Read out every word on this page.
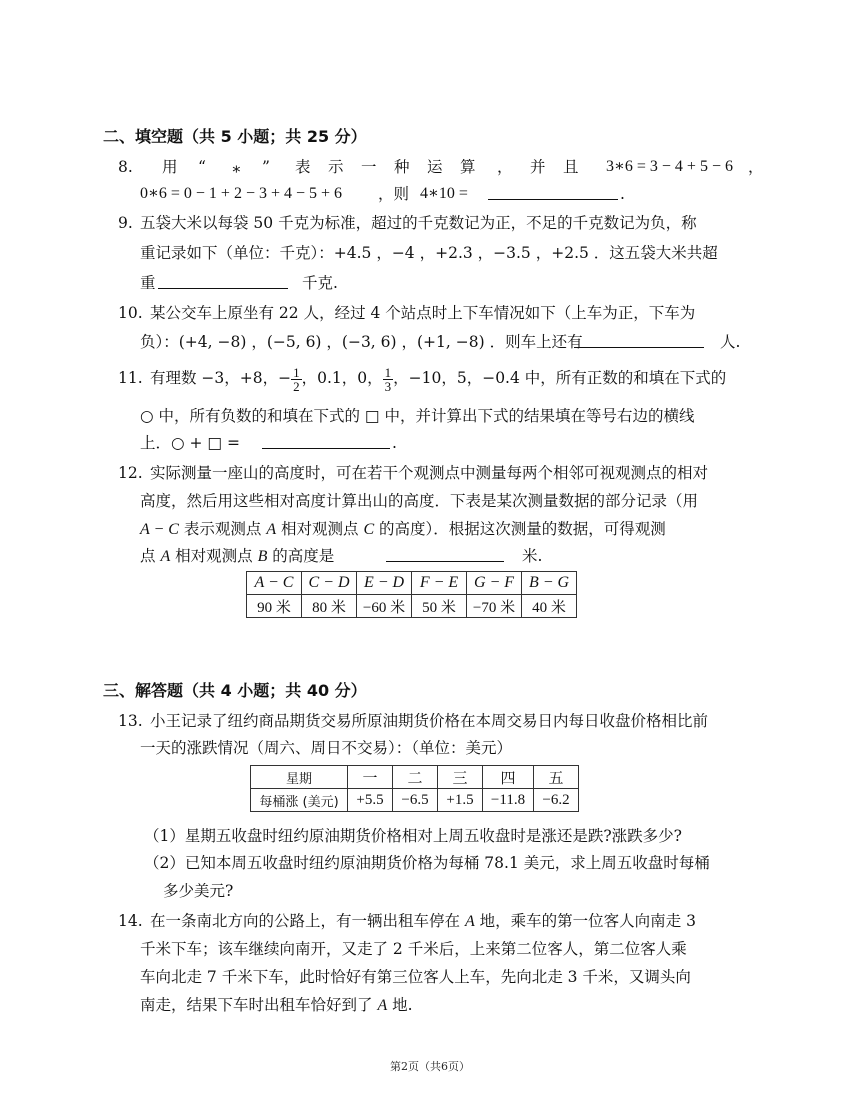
二、填空题（共 5 小题；共 25 分）
8. 用 “ ∗ ” 表 示 一 种 运 算 ， 并 且 3∗6 = 3 − 4 + 5 − 6 ，
0∗6 = 0 − 1 + 2 − 3 + 4 − 5 + 6 ，则 4∗10 =	.
9. 五袋大米以每袋 50 千克为标准，超过的千克数记为正，不足的千克数记为负，称
重记录如下（单位：千克）：+4.5 ，−4 ，+2.3 ，−3.5 ，+2.5 ．这五袋大米共超
重	千克.
10. 某公交车上原坐有 22 人，经过 4 个站点时上下车情况如下（上车为正，下车为
负）：(+4, −8) ，(−5, 6) ，(−3, 6) ，(+1, −8) ．则车上还有	人.
11. 有理数 −3，+8，− $\frac{1}{2}$ ，0.1，0， $\frac{1}{3}$ ，−10，5，−0.4 中，所有正数的和填在下式的
○ 中，所有负数的和填在下式的 □ 中，并计算出下式的结果填在等号右边的横线
上．○ + □ =	.
12. 实际测量一座山的高度时，可在若干个观测点中测量每两个相邻可视观测点的相对
高度，然后用这些相对高度计算出山的高度．下表是某次测量数据的部分记录（用
A − C 表示观测点 A 相对观测点 C 的高度）．根据这次测量的数据，可得观测
点 A 相对观测点 B 的高度是	米.
A − C	C − D	E − D	F − E	G − F	B − G
90 米	80 米	−60 米	50 米	−70 米	40 米
三、解答题（共 4 小题；共 40 分）
13. 小王记录了纽约商品期货交易所原油期货价格在本周交易日内每日收盘价格相比前
一天的涨跌情况（周六、周日不交易）：（单位：美元）
星期	一	二	三	四	五
每桶涨 (美元)	+5.5	−6.5	+1.5	−11.8	−6.2
（1）星期五收盘时纽约原油期货价格相对上周五收盘时是涨还是跌?涨跌多少?
（2）已知本周五收盘时纽约原油期货价格为每桶 78.1 美元，求上周五收盘时每桶
多少美元?
14. 在一条南北方向的公路上，有一辆出租车停在 A 地，乘车的第一位客人向南走 3
千米下车；该车继续向南开，又走了 2 千米后，上来第二位客人，第二位客人乘
车向北走 7 千米下车，此时恰好有第三位客人上车，先向北走 3 千米，又调头向
南走，结果下车时出租车恰好到了 A 地.
第2页（共6页）
